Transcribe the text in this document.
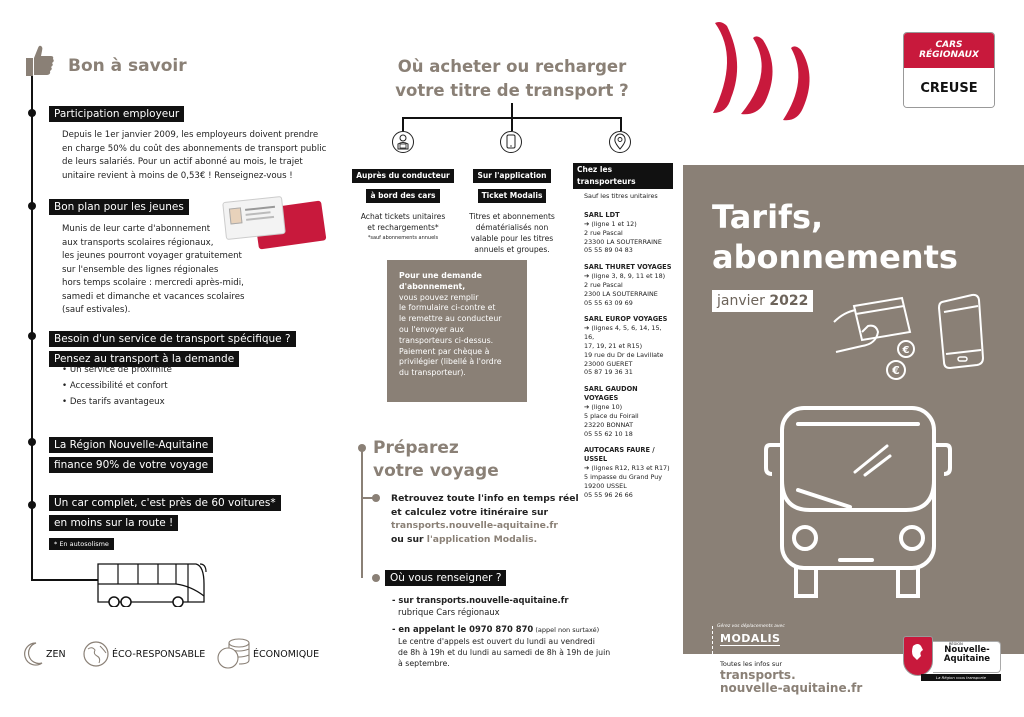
Bon à savoir
Participation employeur
Depuis le 1er janvier 2009, les employeurs doivent prendre
en charge 50% du coût des abonnements de transport public
de leurs salariés. Pour un actif abonné au mois, le trajet
unitaire revient à moins de 0,53€ ! Renseignez-vous !
Bon plan pour les jeunes
Munis de leur carte d'abonnement
aux transports scolaires régionaux,
les jeunes pourront voyager gratuitement
sur l'ensemble des lignes régionales
hors temps scolaire : mercredi après-midi,
samedi et dimanche et vacances scolaires
(sauf estivales).
Besoin d'un service de transport spécifique ?
Pensez au transport à la demande
• Un service de proximité
• Accessibilité et confort
• Des tarifs avantageux
La Région Nouvelle-Aquitaine
finance 90% de votre voyage
Un car complet, c'est près de 60 voitures*
en moins sur la route !
* En autosolisme
ZEN	ÉCO-RESPONSABLE	ÉCONOMIQUE
Où acheter ou recharger
votre titre de transport ?
Auprès du conducteur
à bord des cars
Achat tickets unitaires
et rechargements*
*sauf abonnements annuels
Sur l'application
Ticket Modalis
Titres et abonnements
dématérialisés non
valable pour les titres
annuels et groupes.
Chez les transporteurs
Sauf les titres unitaires
SARL LDT
➔ (ligne 1 et 12)
2 rue Pascal
23300 LA SOUTERRAINE
05 55 89 04 83
SARL THURET VOYAGES
➔ (ligne 3, 8, 9, 11 et 18)
2 rue Pascal
2300 LA SOUTERRAINE
05 55 63 09 69
SARL EUROP VOYAGES
➔ (lignes 4, 5, 6, 14, 15, 16,
17, 19, 21 et R15)
19 rue du Dr de Lavillate
23000 GUERET
05 87 19 36 31
SARL GAUDON VOYAGES
➔ (ligne 10)
5 place du Foirail
23220 BONNAT
05 55 62 10 18
AUTOCARS FAURE /
USSEL
➔ (lignes R12, R13 et R17)
5 impasse du Grand Puy
19200 USSEL
05 55 96 26 66
Pour une demande
d'abonnement,
vous pouvez remplir
le formulaire ci-contre et
le remettre au conducteur
ou l'envoyer aux
transporteurs ci-dessus.
Paiement par chèque à
privilégier (libellé à l'ordre
du transporteur).
Préparez
votre voyage
Retrouvez toute l'info en temps réel
et calculez votre itinéraire sur
transports.nouvelle-aquitaine.fr
ou sur l'application Modalis.
Où vous renseigner ?
- sur transports.nouvelle-aquitaine.fr
rubrique Cars régionaux
- en appelant le 0970 870 870 (appel non surtaxé)
Le centre d'appels est ouvert du lundi au vendredi
de 8h à 19h et du lundi au samedi de 8h à 19h de juin
à septembre.
CARS
RÉGIONAUX
CREUSE
Tarifs,
abonnements
janvier 2022
€
€
Gérez vos déplacements avec
MODALIS
Toutes les infos sur
transports.
nouvelle-aquitaine.fr
RÉGION
Nouvelle-
Aquitaine
La Région vous transporte
